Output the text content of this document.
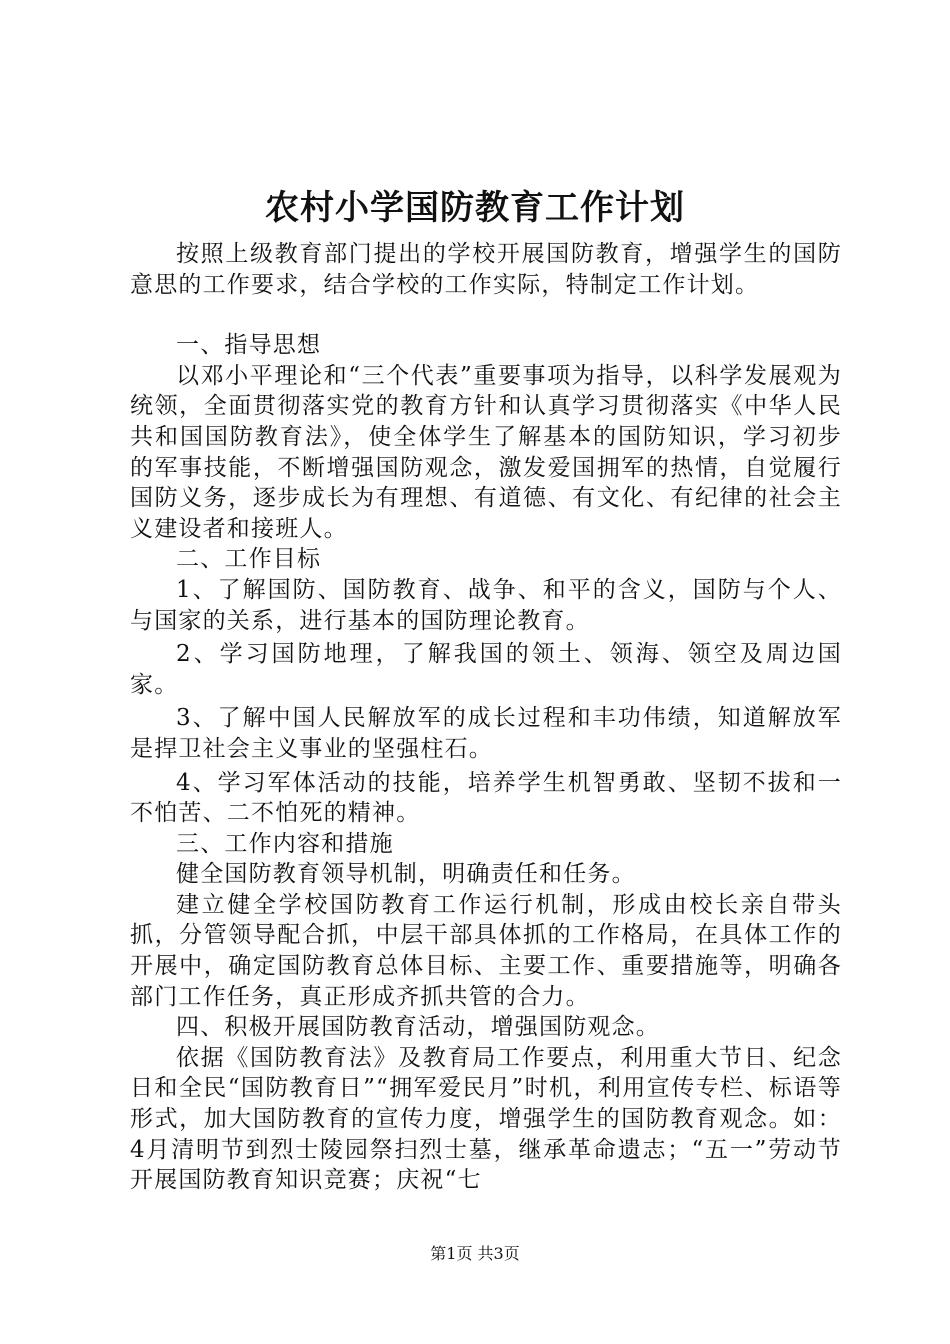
农村小学国防教育工作计划

按照上级教育部门提出的学校开展国防教育，增强学生的国防意思的工作要求，结合学校的工作实际，特制定工作计划。

一、指导思想

以邓小平理论和“三个代表”重要事项为指导，以科学发展观为统领，全面贯彻落实党的教育方针和认真学习贯彻落实《中华人民共和国国防教育法》，使全体学生了解基本的国防知识，学习初步的军事技能，不断增强国防观念，激发爱国拥军的热情，自觉履行国防义务，逐步成长为有理想、有道德、有文化、有纪律的社会主义建设者和接班人。

二、工作目标

1、了解国防、国防教育、战争、和平的含义，国防与个人、与国家的关系，进行基本的国防理论教育。

2、学习国防地理，了解我国的领土、领海、领空及周边国家。

3、了解中国人民解放军的成长过程和丰功伟绩，知道解放军是捍卫社会主义事业的坚强柱石。

4、学习军体活动的技能，培养学生机智勇敢、坚韧不拔和一不怕苦、二不怕死的精神。

三、工作内容和措施

健全国防教育领导机制，明确责任和任务。

建立健全学校国防教育工作运行机制，形成由校长亲自带头抓，分管领导配合抓，中层干部具体抓的工作格局，在具体工作的开展中，确定国防教育总体目标、主要工作、重要措施等，明确各部门工作任务，真正形成齐抓共管的合力。

四、积极开展国防教育活动，增强国防观念。

依据《国防教育法》及教育局工作要点，利用重大节日、纪念日和全民“国防教育日”“拥军爱民月”时机，利用宣传专栏、标语等形式，加大国防教育的宣传力度，增强学生的国防教育观念。如：4月清明节到烈士陵园祭扫烈士墓，继承革命遗志；“五一”劳动节开展国防教育知识竞赛；庆祝“七

第1页 共3页
